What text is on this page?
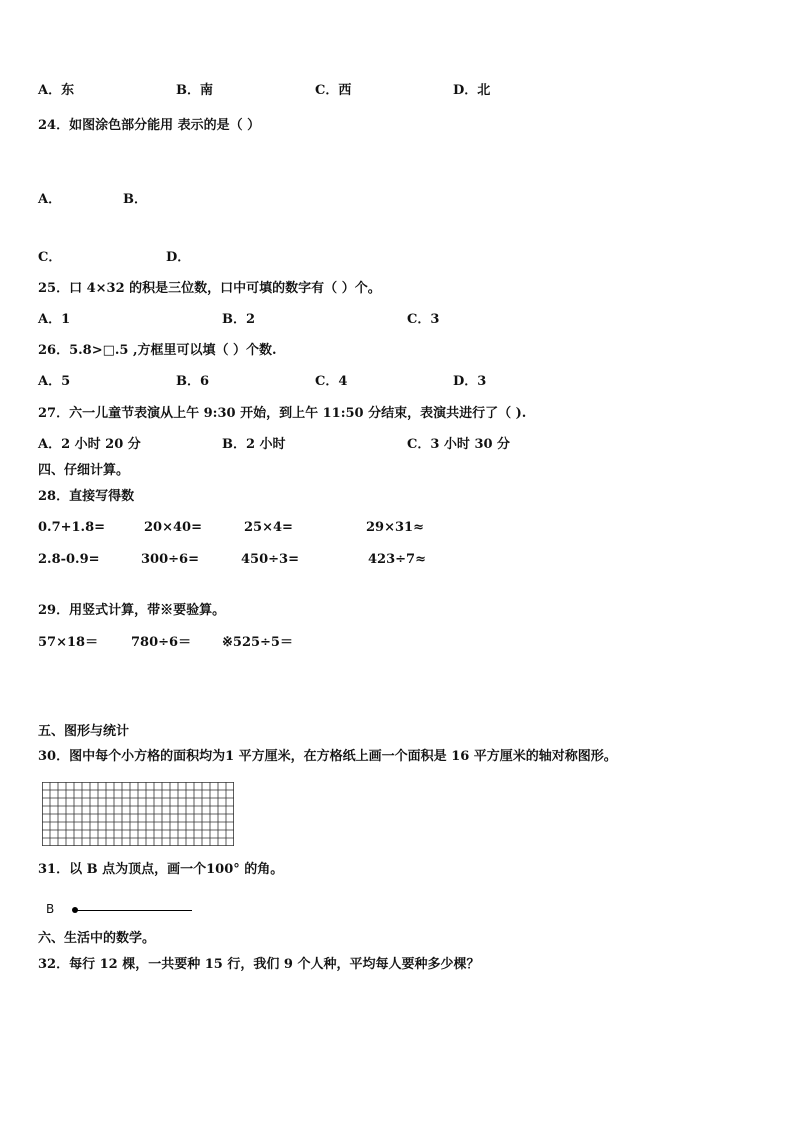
A．东	B．南	C．西	D．北
24．如图涂色部分能用 表示的是（ ）
A．	B．
C．	D．
25．口 4×32 的积是三位数，口中可填的数字有（ ）个。
A．1	B．2	C．3
26．5.8>□.5 ,方框里可以填（ ）个数.
A．5	B．6	C．4	D．3
27．六一儿童节表演从上午 9:30 开始，到上午 11:50 分结束，表演共进行了（ ).
A．2 小时 20 分	B．2 小时	C．3 小时 30 分
四、仔细计算。
28．直接写得数
0.7+1.8=	20×40=	25×4=	29×31≈
2.8-0.9=	300÷6=	450÷3=	423÷7≈
29．用竖式计算，带※要验算。
57×18＝	780÷6＝ ※525÷5＝
五、图形与统计
30．图中每个小方格的面积均为1 平方厘米，在方格纸上画一个面积是 16 平方厘米的轴对称图形。
31．以 B 点为顶点，画一个100° 的角。
B
六、生活中的数学。
32．每行 12 棵，一共要种 15 行，我们 9 个人种，平均每人要种多少棵？
